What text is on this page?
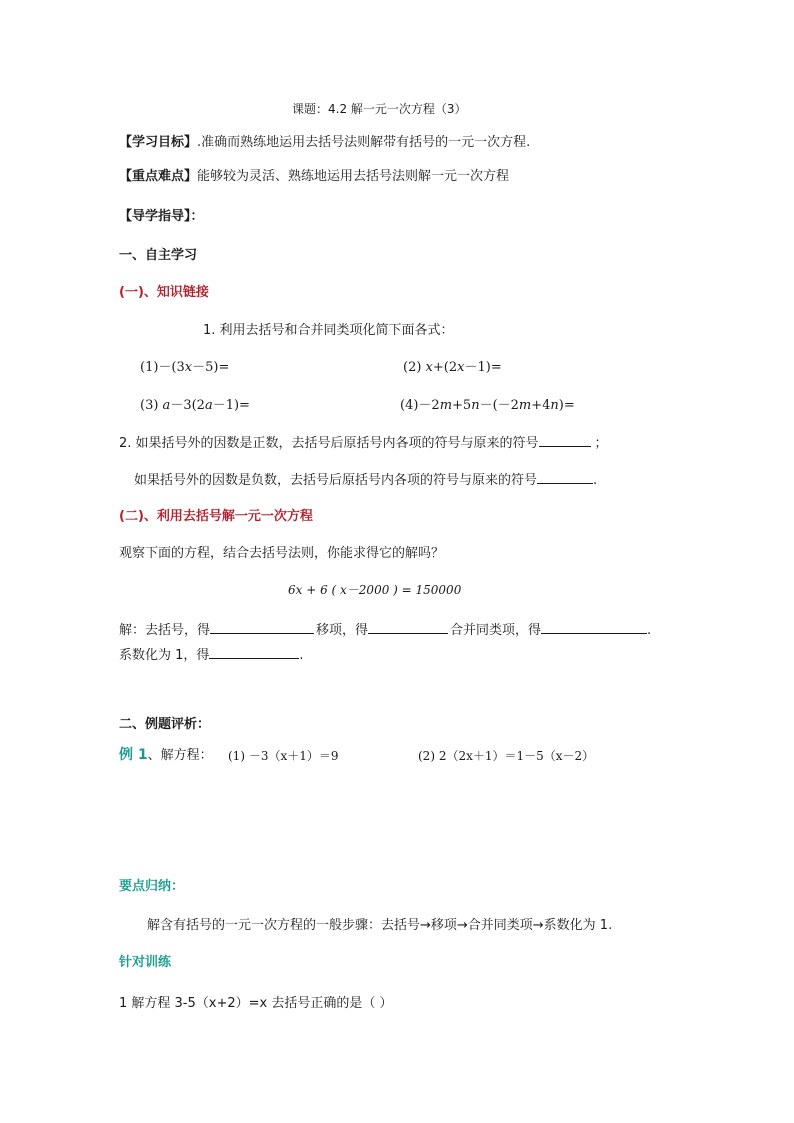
课题：4.2 解一元一次方程（3）
【学习目标】.准确而熟练地运用去括号法则解带有括号的一元一次方程.
【重点难点】能够较为灵活、熟练地运用去括号法则解一元一次方程
【导学指导】：
一、自主学习
(一)、知识链接
1. 利用去括号和合并同类项化简下面各式：
(1)－(3x－5)=	(2) x+(2x－1)=
(3) a－3(2a－1)=	(4)－2m+5n－(－2m+4n)=
2. 如果括号外的因数是正数，去括号后原括号内各项的符号与原来的符号	；
如果括号外的因数是负数，去括号后原括号内各项的符号与原来的符号	.
(二)、利用去括号解一元一次方程
观察下面的方程，结合去括号法则，你能求得它的解吗？
6x + 6 ( x－2000 ) = 150000
解：去括号，得	移项，得	合并同类项，得	.
系数化为 1，得	.
二、例题评析：
例 1、解方程： (1) －3（x＋1）＝9	(2) 2（2x＋1）＝1－5（x－2）
要点归纳：
解含有括号的一元一次方程的一般步骤：去括号→移项→合并同类项→系数化为 1.
针对训练
1 解方程 3-5（x+2）=x 去括号正确的是（ ）
